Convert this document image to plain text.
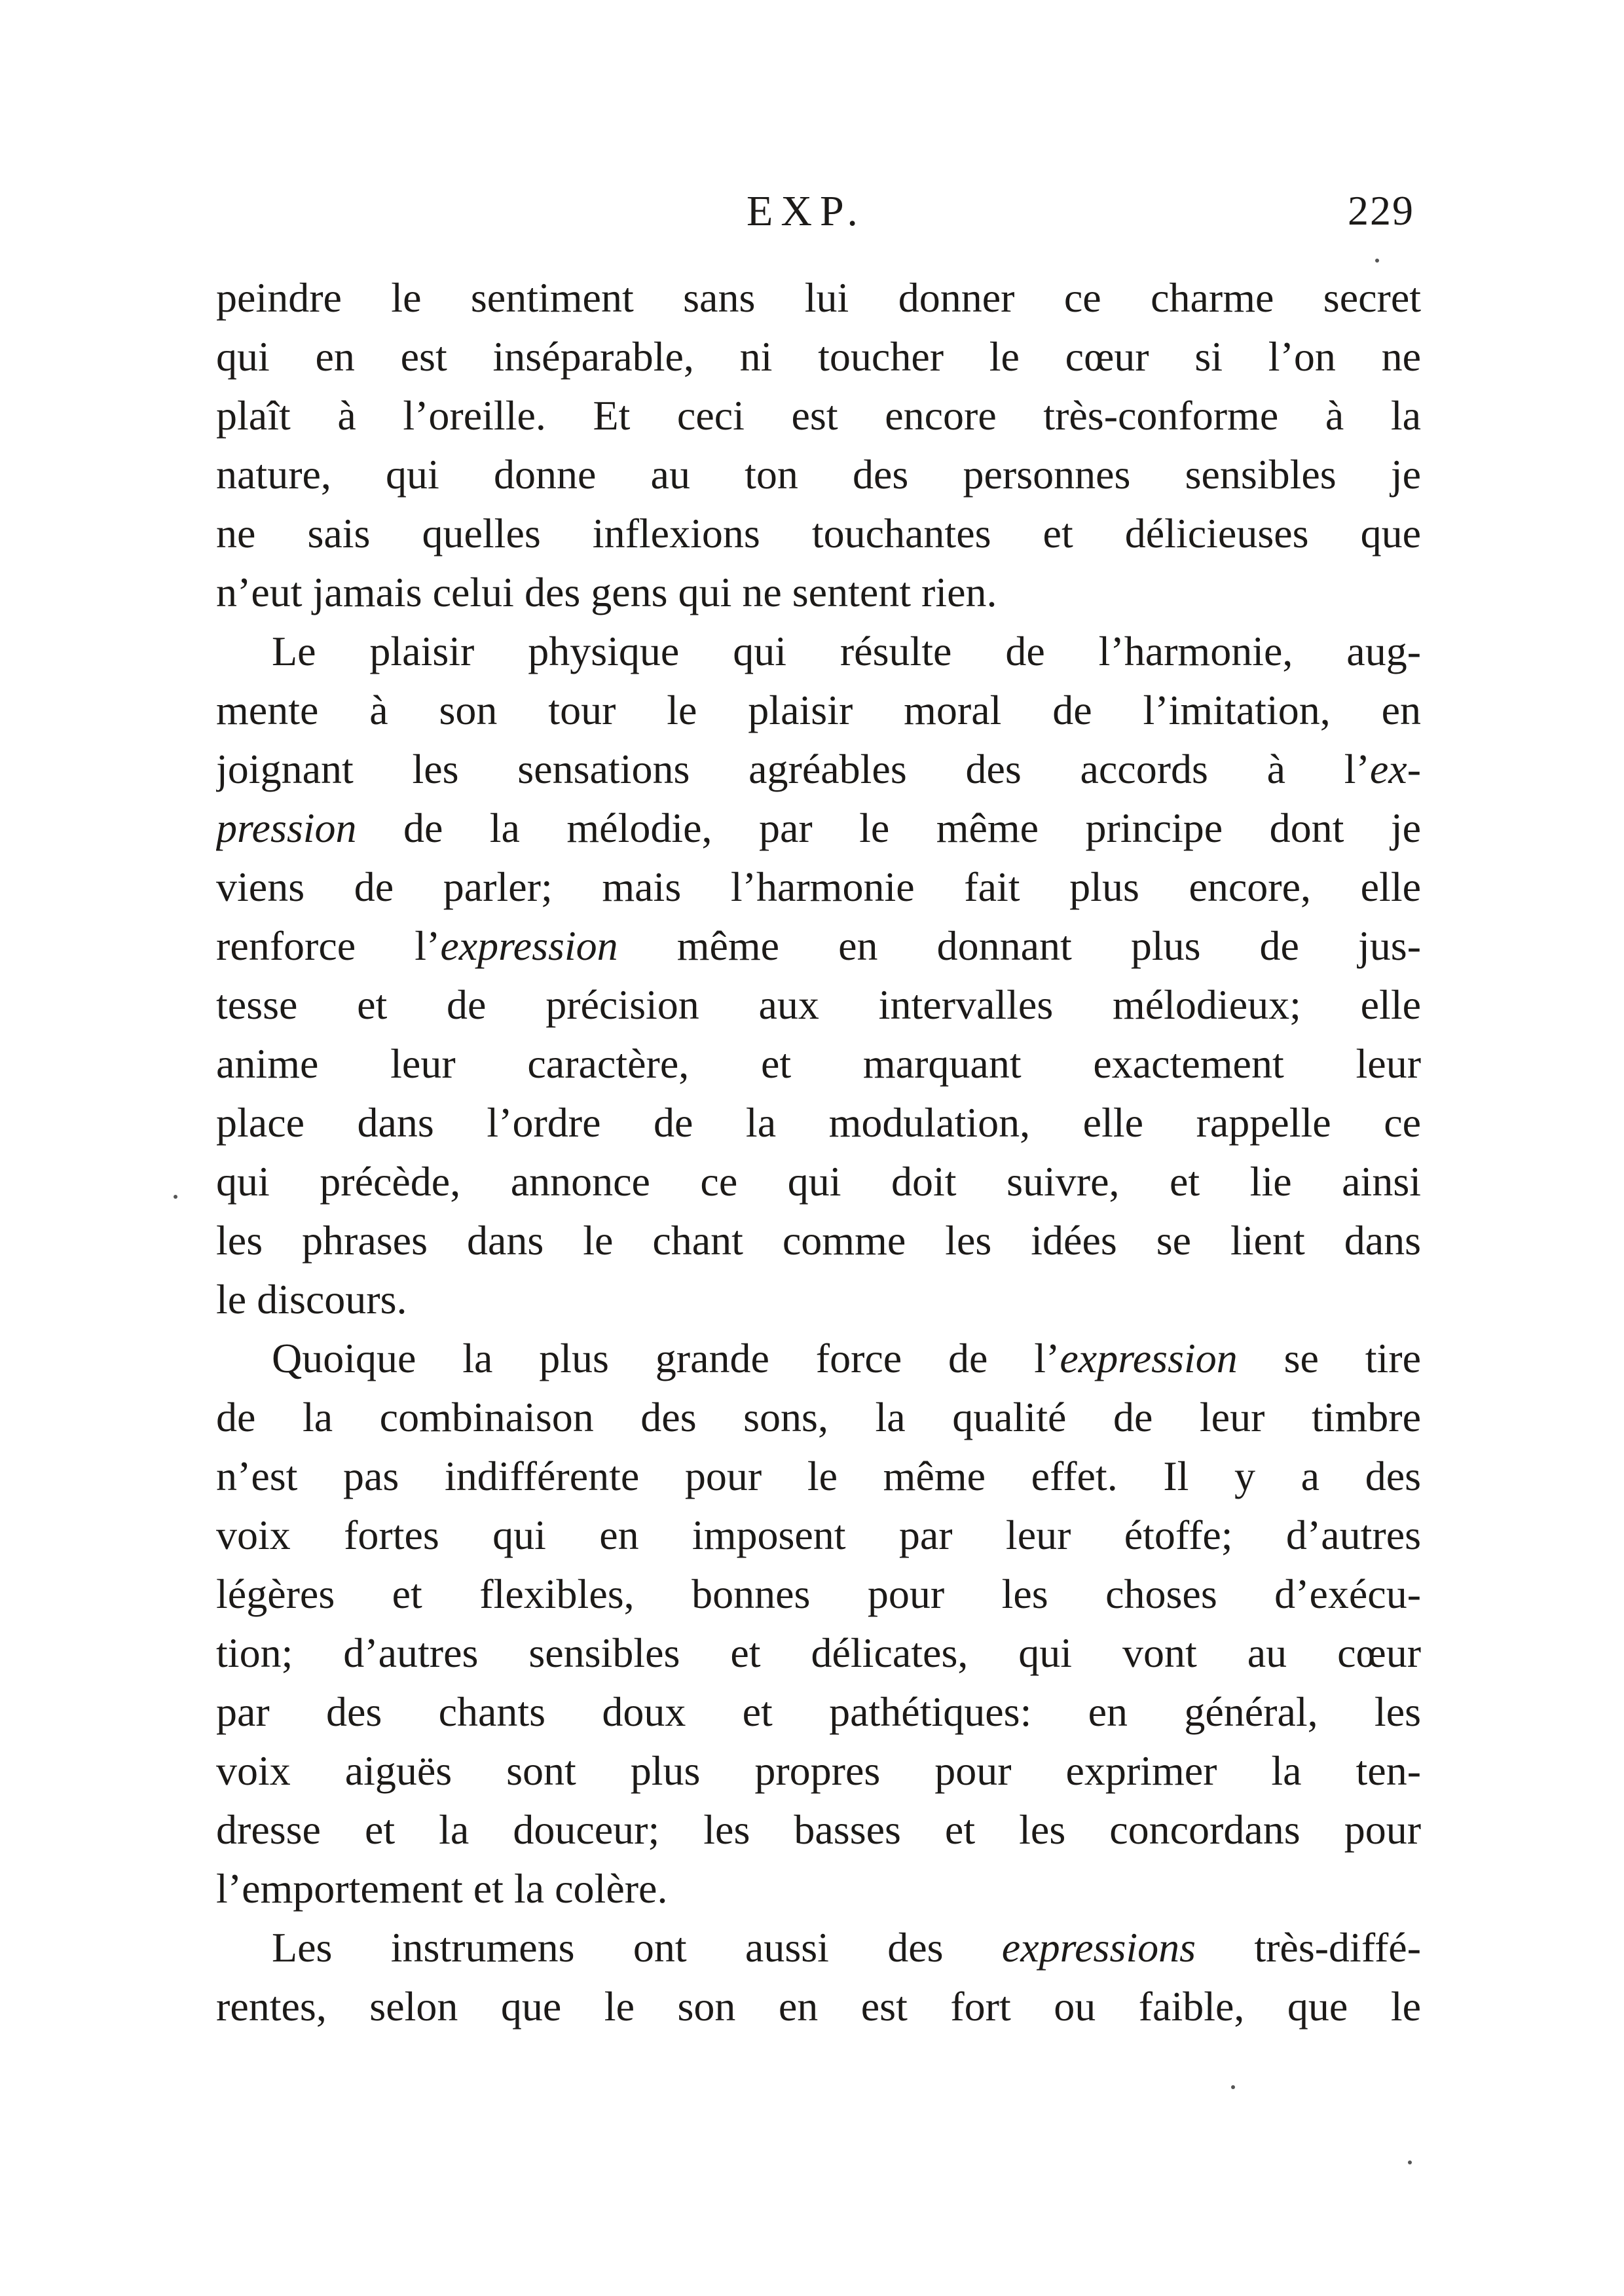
EXP.	229
peindre le sentiment sans lui donner ce charme secret
qui en est inséparable, ni toucher le cœur si l’on ne
plaît à l’oreille. Et ceci est encore très-conforme à la
nature, qui donne au ton des personnes sensibles je
ne sais quelles inflexions touchantes et délicieuses que
n’eut jamais celui des gens qui ne sentent rien.
Le plaisir physique qui résulte de l’harmonie, aug-
mente à son tour le plaisir moral de l’imitation, en
joignant les sensations agréables des accords à l’ex-
pression de la mélodie, par le même principe dont je
viens de parler; mais l’harmonie fait plus encore, elle
renforce l’expression même en donnant plus de jus-
tesse et de précision aux intervalles mélodieux; elle
anime leur caractère, et marquant exactement leur
place dans l’ordre de la modulation, elle rappelle ce
qui précède, annonce ce qui doit suivre, et lie ainsi
les phrases dans le chant comme les idées se lient dans
le discours.
Quoique la plus grande force de l’expression se tire
de la combinaison des sons, la qualité de leur timbre
n’est pas indifférente pour le même effet. Il y a des
voix fortes qui en imposent par leur étoffe; d’autres
légères et flexibles, bonnes pour les choses d’exécu-
tion; d’autres sensibles et délicates, qui vont au cœur
par des chants doux et pathétiques: en général, les
voix aiguës sont plus propres pour exprimer la ten-
dresse et la douceur; les basses et les concordans pour
l’emportement et la colère.
Les instrumens ont aussi des expressions très-diffé-
rentes, selon que le son en est fort ou faible, que le
